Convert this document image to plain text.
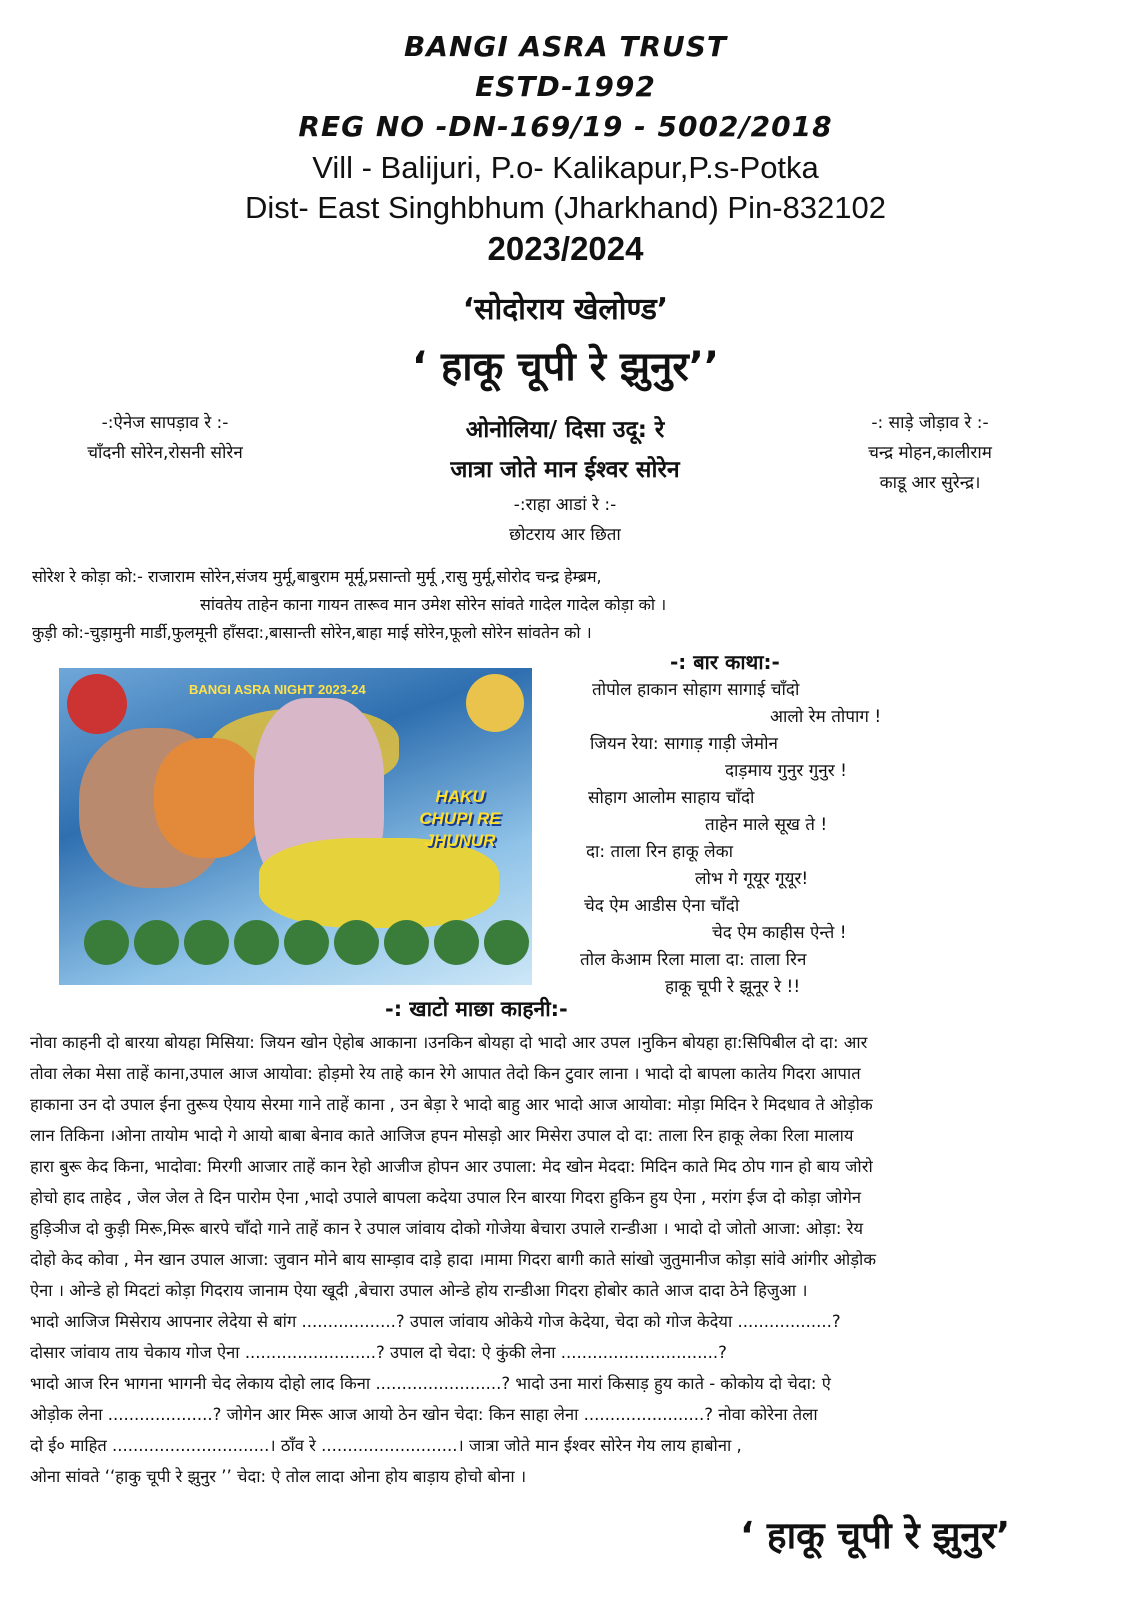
BANGI ASRA TRUST
ESTD-1992
REG NO -DN-169/19 - 5002/2018
Vill - Balijuri, P.o- Kalikapur,P.s-Potka
Dist- East Singhbhum (Jharkhand) Pin-832102
2023/2024
‘सोदोराय खेलोण्ड’
‘ हाकू चूपी रे झुनुर’’
-:ऐनेज सापड़ाव रे :-
चाँदनी सोरेन,रोसनी सोरेन
ओनोलिया/ दिसा उदू: रे
जात्रा जोते मान ईश्वर सोरेन
-:राहा आडां रे :-
छोटराय आर छिता
-: साड़े जोड़ाव रे :-
चन्द्र मोहन,कालीराम
काडू आर सुरेन्द्र।
सोरेश रे कोड़ा को:- राजाराम सोरेन,संजय मुर्मू,बाबुराम मूर्मू,प्रसान्तो मुर्मू ,रासु मुर्मू,सोरोद चन्द्र हेम्ब्रम,
सांवतेय ताहेन काना गायन तारूव मान उमेश सोरेन सांवते गादेल गादेल कोड़ा को ।
कुड़ी को:-चुड़ामुनी मार्डी,फुलमूनी हाँसदा:,बासान्ती सोरेन,बाहा माई सोरेन,फूलो सोरेन सांवतेन को ।
BANGI ASRA NIGHT 2023-24
HAKU CHUPI RE JHUNUR
-: बार काथा:-
तोपोल हाकान सोहाग सागाई चाँदो
आलो रेम तोपाग !
जियन रेया: सागाड़ गाड़ी जेमोन
दाड़माय गुनुर गुनुर !
सोहाग आलोम साहाय चाँदो
ताहेन माले सूख ते !
दा: ताला रिन हाकू लेका
लोभ गे गूयूर गूयूर!
चेद ऐम आडीस ऐना चाँदो
चेद ऐम काहीस ऐन्ते !
तोल केआम रिला माला दा: ताला रिन
हाकू चूपी रे झूनूर रे !!
-: खाटो माछा काहनी:-
नोवा काहनी दो बारया बोयहा मिसिया: जियन खोन ऐहोब आकाना ।उनकिन बोयहा दो भादो आर उपल ।नुकिन बोयहा हा:सिपिबील दो दा: आर
तोवा लेका मेसा ताहें काना,उपाल आज आयोवा: होड़मो रेय ताहे कान रेगे आपात तेदो किन टुवार लाना । भादो दो बापला कातेय गिदरा आपात
हाकाना उन दो उपाल ईना तुरूय ऐयाय सेरमा गाने ताहें काना , उन बेड़ा रे भादो बाहु आर भादो आज आयोवा: मोड़ा मिदिन रे मिदधाव ते ओड़ोक
लान तिकिना ।ओना तायोम भादो गे आयो बाबा बेनाव काते आजिज हपन मोसड़ो आर मिसेरा उपाल दो दा: ताला रिन हाकू लेका रिला मालाय
हारा बुरू केद किना, भादोवा: मिरगी आजार ताहें कान रेहो आजीज होपन आर उपाला: मेद खोन मेददा: मिदिन काते मिद ठोप गान हो बाय जोरो
होचो हाद ताहेद , जेल जेल ते दिन पारोम ऐना ,भादो उपाले बापला कदेया उपाल रिन बारया गिदरा हुकिन हुय ऐना , मरांग ईज दो कोड़ा जोगेन
हुड़िञीज दो कुड़ी मिरू,मिरू बारपे चाँदो गाने ताहें कान रे उपाल जांवाय दोको गोजेया बेचारा उपाले रान्डीआ । भादो दो जोतो आजा: ओड़ा: रेय
दोहो केद कोवा , मेन खान उपाल आजा: जुवान मोने बाय साम्ड़ाव दाड़े हादा ।मामा गिदरा बागी काते सांखो जुतुमानीज कोड़ा सांवे आंगीर ओड़ोक
ऐना । ओन्डे हो मिदटां कोड़ा गिदराय जानाम ऐया खूदी ,बेचारा उपाल ओन्डे होय रान्डीआ गिदरा होबोर काते आज दादा ठेने हिजुआ ।
भादो आजिज मिसेराय आपनार लेदेया से बांग ..................? उपाल जांवाय ओकेये गोज केदेया, चेदा को गोज केदेया ..................?
दोसार जांवाय ताय चेकाय गोज ऐना .........................? उपाल दो चेदा: ऐ कुंकी लेना ..............................?
भादो आज रिन भागना भागनी चेद लेकाय दोहो लाद किना ........................? भादो उना मारां किसाड़ हुय काते - कोकोय दो चेदा: ऐ
ओड़ोक लेना ....................? जोगेन आर मिरू आज आयो ठेन खोन चेदा: किन साहा लेना .......................? नोवा कोरेना तेला
दो ई० माहित ..............................। ठाँव रे ..........................। जात्रा जोते मान ईश्वर सोरेन गेय लाय हाबोना ,
ओना सांवते ‘‘हाकु चूपी रे झुनुर ’’ चेदा: ऐ तोल लादा ओना होय बाड़ाय होचो बोना ।
‘ हाकू चूपी रे झुनुर’
